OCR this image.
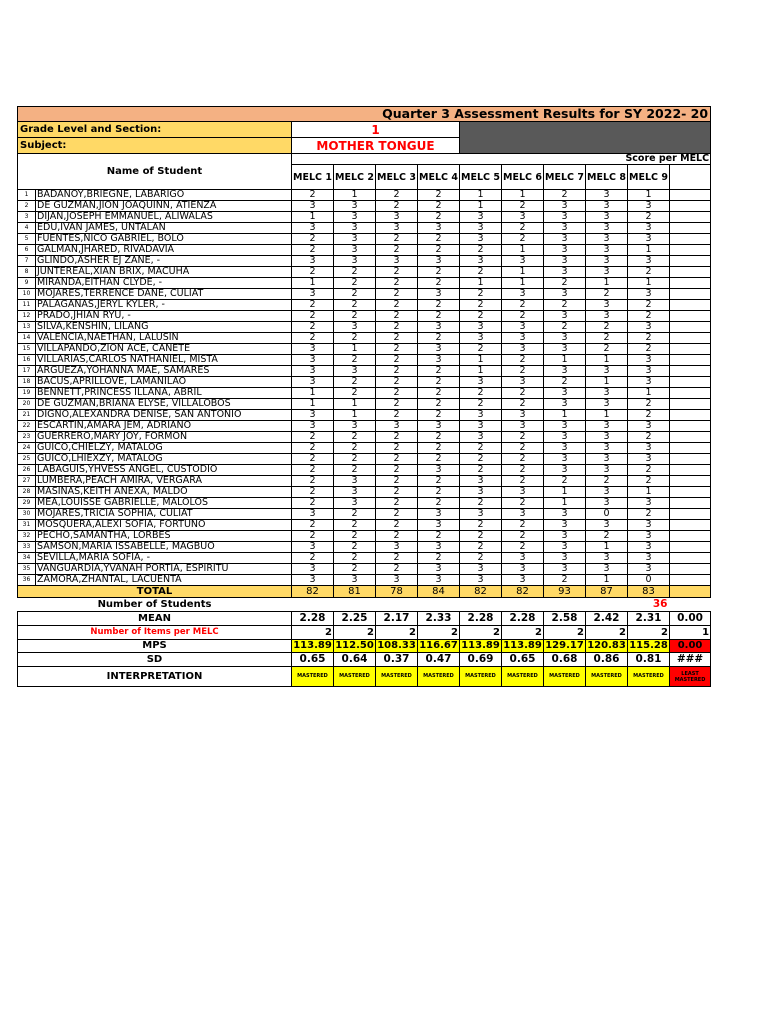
Quarter 3 Assessment Results for SY 2022- 20											
Grade Level and Section:		1									
Subject:		MOTHER TONGUE									
Name of Student		Score per MELC									
		MELC 1	MELC 2	MELC 3	MELC 4	MELC 5	MELC 6	MELC 7	MELC 8	MELC 9	
1	BADANOY,BRIEGNE, LABARIGO	2	1	2	2	1	1	2	3	1	
2	DE GUZMAN,JION JOAQUINN, ATIENZA	3	3	2	2	1	2	3	3	3	
3	DIJAN,JOSEPH EMMANUEL, ALIWALAS	1	3	3	2	3	3	3	3	2	
4	EDU,IVAN JAMES, UNTALAN	3	3	3	3	3	2	3	3	3	
5	FUENTES,NICO GABRIEL, BOLO	2	3	2	2	3	2	3	3	3	
6	GALMAN,JHARED, RIVADAVIA	2	3	2	2	2	1	3	3	1	
7	GLINDO,ASHER EJ ZANE, -	3	3	3	3	3	3	3	3	3	
8	JUNTEREAL,XIAN BRIX, MACUHA	2	2	2	2	2	1	3	3	2	
9	MIRANDA,EITHAN CLYDE, -	1	2	2	2	1	1	2	1	1	
10	MOJARES,TERRENCE DANE, CULIAT	3	2	2	3	2	3	3	2	3	
11	PALAGANAS,JERYL KYLER, -	2	2	2	2	2	2	2	3	2	
12	PRADO,JHIAN RYU, -	2	2	2	2	2	2	3	3	2	
13	SILVA,KENSHIN, LILANG	2	3	2	3	3	3	2	2	3	
14	VALENCIA,NAETHAN, LALUSIN	2	2	2	2	3	3	3	2	2	
15	VILLAPANDO,ZION ACE, CANETE	3	1	2	3	2	3	3	2	2	
16	VILLARIAS,CARLOS NATHANIEL, MISTA	3	2	2	3	1	2	1	1	3	
17	ARGUEZA,YOHANNA MAE, SAMARES	3	3	2	2	1	2	3	3	3	
18	BACUS,APRILLOVE, LAMANILAO	3	2	2	2	3	3	2	1	3	
19	BENNETT,PRINCESS ILLANA, ABRIL	1	2	2	2	2	2	3	3	1	
20	DE GUZMAN,BRIANA ELYSE, VILLALOBOS	1	1	2	2	2	2	3	3	2	
21	DIGNO,ALEXANDRA DENISE, SAN ANTONIO	3	1	2	2	3	3	1	1	2	
22	ESCARTIN,AMARA JEM, ADRIANO	3	3	3	3	3	3	3	3	3	
23	GUERRERO,MARY JOY, FORMON	2	2	2	2	3	2	3	3	2	
24	GUICO,CHIELZY, MATALOG	2	2	2	2	2	2	3	3	3	
25	GUICO,LHIEXZY, MATALOG	2	2	2	2	2	2	3	3	3	
26	LABAGUIS,YHVESS ANGEL, CUSTODIO	2	2	2	3	2	2	3	3	2	
27	LUMBERA,PEACH AMIRA, VERGARA	2	3	2	2	3	2	2	2	2	
28	MASINAS,KEITH ANEXA, MALDO	2	3	2	2	3	3	1	3	1	
29	MEA,LOUISSE GABRIELLE, MALOLOS	2	3	2	2	2	2	1	3	3	
30	MOJARES,TRICIA SOPHIA, CULIAT	3	2	2	3	3	3	3	0	2	
31	MOSQUERA,ALEXI SOFIA, FORTUNO	2	2	2	3	2	2	3	3	3	
32	PECHO,SAMANTHA, LORBES	2	2	2	2	2	2	3	2	3	
33	SAMSON,MARIA ISSABELLE, MAGBUO	3	2	3	3	2	2	3	1	3	
34	SEVILLA,MARIA SOFIA, -	2	2	2	2	2	3	3	3	3	
35	VANGUARDIA,YVANAH PORTIA, ESPIRITU	3	2	2	3	3	3	3	3	3	
36	ZAMORA,ZHANTAL, LACUENTA	3	3	3	3	3	3	2	1	0	
TOTAL		82	81	78	84	82	82	93	87	83	
Number of Students										36	
MEAN		2.28	2.25	2.17	2.33	2.28	2.28	2.58	2.42	2.31	0.00
Number of Items per MELC		2	2	2	2	2	2	2	2	2	1
MPS		113.89	112.50	108.33	116.67	113.89	113.89	129.17	120.83	115.28	0.00
SD		0.65	0.64	0.37	0.47	0.69	0.65	0.68	0.86	0.81	###
INTERPRETATION		MASTERED	MASTERED	MASTERED	MASTERED	MASTERED	MASTERED	MASTERED	MASTERED	MASTERED	LEAST MASTERED
